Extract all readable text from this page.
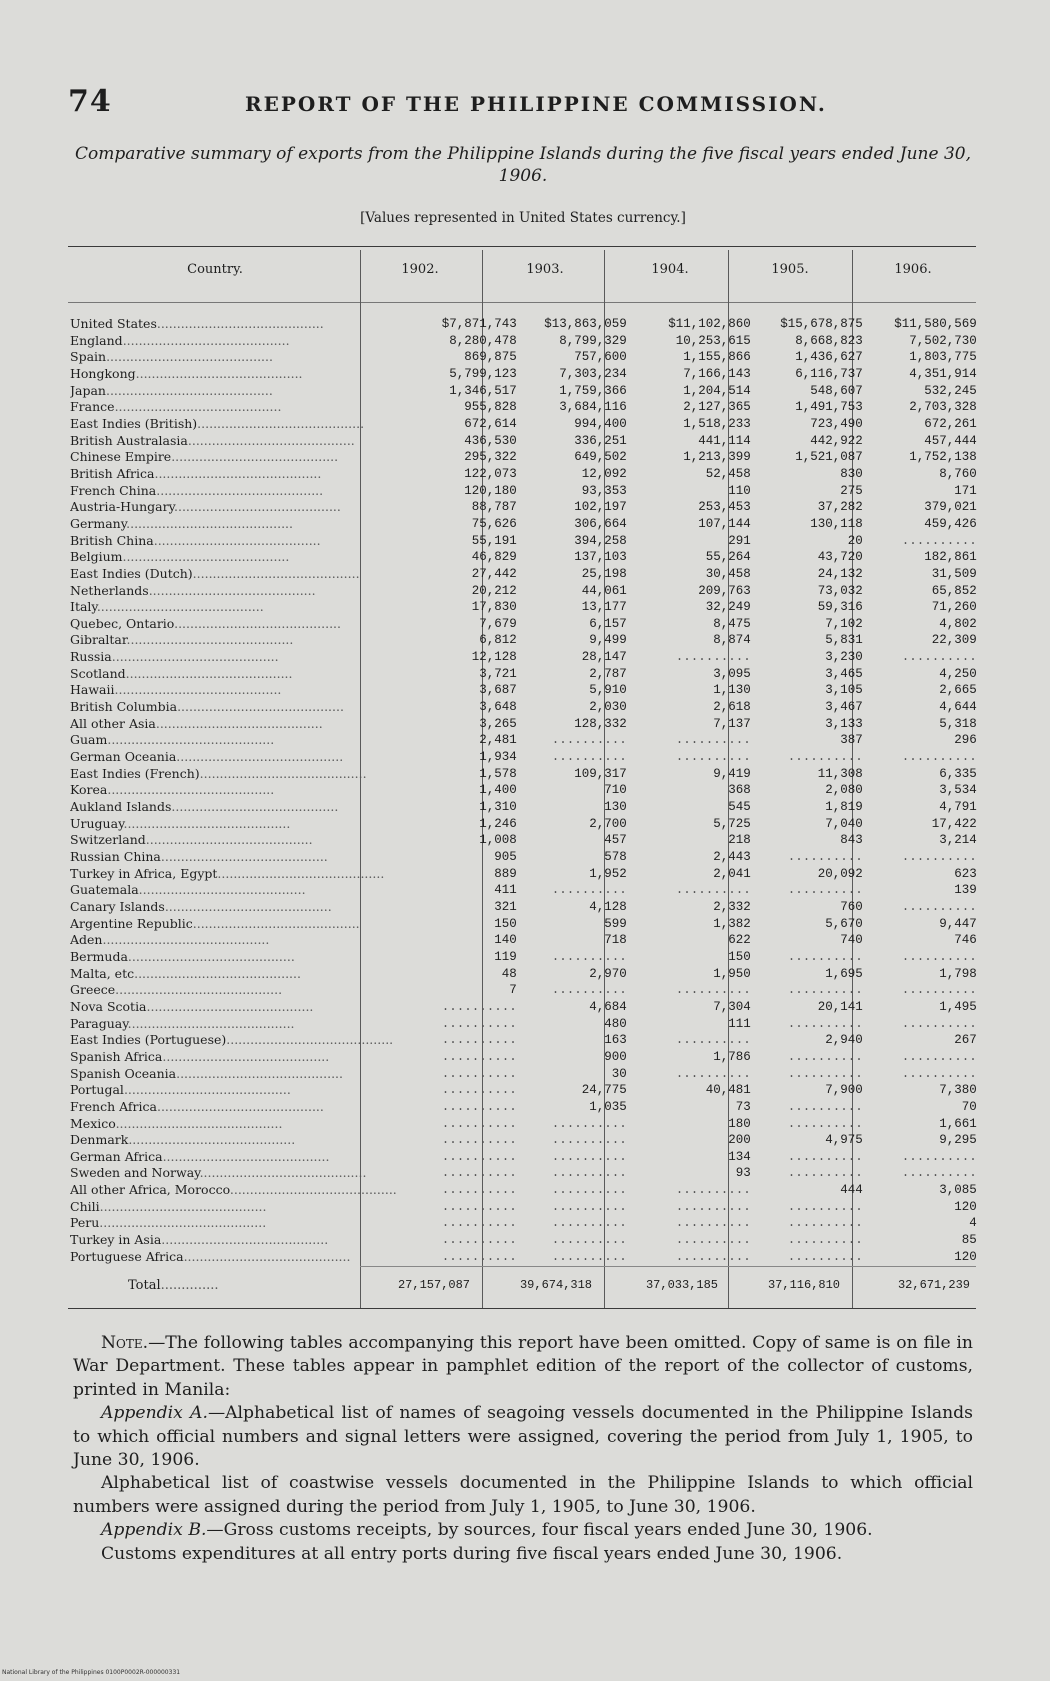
74	REPORT OF THE PHILIPPINE COMMISSION.
Comparative summary of exports from the Philippine Islands during the five fiscal years ended June 30, 1906.
[Values represented in United States currency.]
Country.	1902.	1903.	1904.	1905.	1906.
United States..........................................	$7,871,743	$13,863,059	$11,102,860	$15,678,875	$11,580,569
England..........................................	8,280,478	8,799,329	10,253,615	8,668,823	7,502,730
Spain..........................................	869,875	757,600	1,155,866	1,436,627	1,803,775
Hongkong..........................................	5,799,123	7,303,234	7,166,143	6,116,737	4,351,914
Japan..........................................	1,346,517	1,759,366	1,204,514	548,607	532,245
France..........................................	955,828	3,684,116	2,127,365	1,491,753	2,703,328
East Indies (British)..........................................	672,614	994,400	1,518,233	723,490	672,261
British Australasia..........................................	436,530	336,251	441,114	442,922	457,444
Chinese Empire..........................................	295,322	649,502	1,213,399	1,521,087	1,752,138
British Africa..........................................	122,073	12,092	52,458	830	8,760
French China..........................................	120,180	93,353	110	275	171
Austria-Hungary..........................................	88,787	102,197	253,453	37,282	379,021
Germany..........................................	75,626	306,664	107,144	130,118	459,426
British China..........................................	55,191	394,258	291	20	..........
Belgium..........................................	46,829	137,103	55,264	43,720	182,861
East Indies (Dutch)..........................................	27,442	25,198	30,458	24,132	31,509
Netherlands..........................................	20,212	44,061	209,763	73,032	65,852
Italy..........................................	17,830	13,177	32,249	59,316	71,260
Quebec, Ontario..........................................	7,679	6,157	8,475	7,102	4,802
Gibraltar..........................................	6,812	9,499	8,874	5,831	22,309
Russia..........................................	12,128	28,147	..........	3,230	..........
Scotland..........................................	3,721	2,787	3,095	3,465	4,250
Hawaii..........................................	3,687	5,910	1,130	3,105	2,665
British Columbia..........................................	3,648	2,030	2,618	3,467	4,644
All other Asia..........................................	3,265	128,332	7,137	3,133	5,318
Guam..........................................	2,481	..........	..........	387	296
German Oceania..........................................	1,934	..........	..........	..........	..........
East Indies (French)..........................................	1,578	109,317	9,419	11,308	6,335
Korea..........................................	1,400	710	368	2,080	3,534
Aukland Islands..........................................	1,310	130	545	1,819	4,791
Uruguay..........................................	1,246	2,700	5,725	7,040	17,422
Switzerland..........................................	1,008	457	218	843	3,214
Russian China..........................................	905	578	2,443	..........	..........
Turkey in Africa, Egypt..........................................	889	1,952	2,041	20,092	623
Guatemala..........................................	411	..........	..........	..........	139
Canary Islands..........................................	321	4,128	2,332	760	..........
Argentine Republic..........................................	150	599	1,382	5,670	9,447
Aden..........................................	140	718	622	740	746
Bermuda..........................................	119	..........	150	..........	..........
Malta, etc..........................................	48	2,970	1,950	1,695	1,798
Greece..........................................	7	..........	..........	..........	..........
Nova Scotia..........................................	..........	4,684	7,304	20,141	1,495
Paraguay..........................................	..........	480	111	..........	..........
East Indies (Portuguese)..........................................	..........	163	..........	2,940	267
Spanish Africa..........................................	..........	900	1,786	..........	..........
Spanish Oceania..........................................	..........	30	..........	..........	..........
Portugal..........................................	..........	24,775	40,481	7,900	7,380
French Africa..........................................	..........	1,035	73	..........	70
Mexico..........................................	..........	..........	180	..........	1,661
Denmark..........................................	..........	..........	200	4,975	9,295
German Africa..........................................	..........	..........	134	..........	..........
Sweden and Norway..........................................	..........	..........	93	..........	..........
All other Africa, Morocco..........................................	..........	..........	..........	444	3,085
Chili..........................................	..........	..........	..........	..........	120
Peru..........................................	..........	..........	..........	..........	4
Turkey in Asia..........................................	..........	..........	..........	..........	85
Portuguese Africa..........................................	..........	..........	..........	..........	120
Total..............	27,157,087	39,674,318	37,033,185	37,116,810	32,671,239

Note.—The following tables accompanying this report have been omitted. Copy of same is on file in War Department. These tables appear in pamphlet edition of the report of the collector of customs, printed in Manila:

Appendix A.—Alphabetical list of names of seagoing vessels documented in the Philippine Islands to which official numbers and signal letters were assigned, covering the period from July 1, 1905, to June 30, 1906.

Alphabetical list of coastwise vessels documented in the Philippine Islands to which official numbers were assigned during the period from July 1, 1905, to June 30, 1906.

Appendix B.—Gross customs receipts, by sources, four fiscal years ended June 30, 1906.

Customs expenditures at all entry ports during five fiscal years ended June 30, 1906.

National Library of the Philippines 0100P0002R-000000331
